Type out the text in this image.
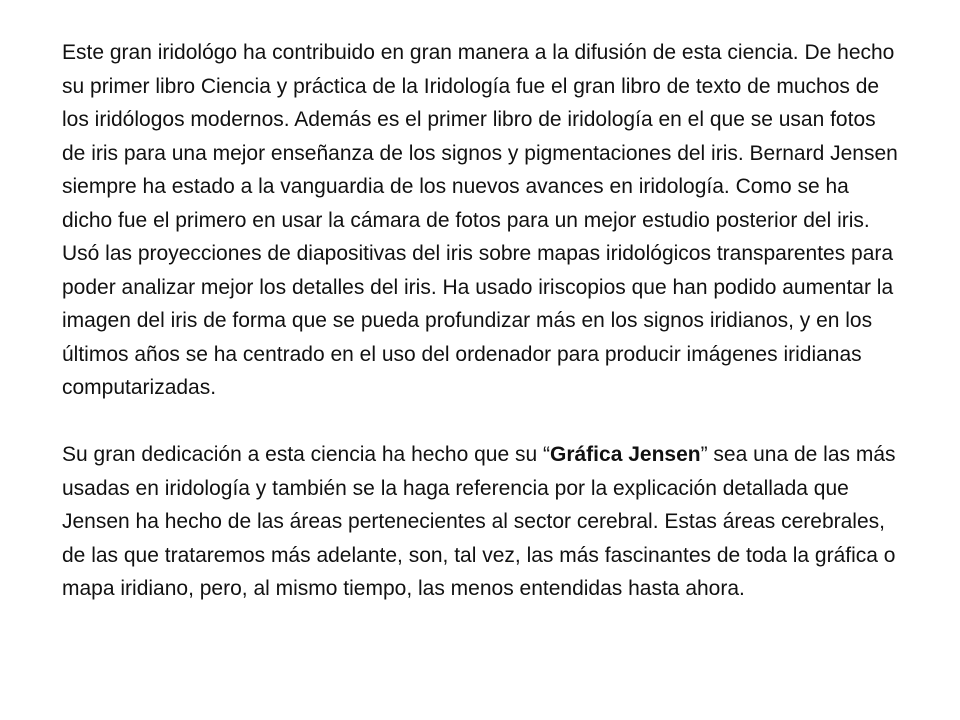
Este gran iridológo ha contribuido en gran manera a la difusión de esta ciencia. De hecho su primer libro Ciencia y práctica de la Iridología fue el gran libro de texto de muchos de los iridólogos modernos. Además es el primer libro de iridología en el que se usan fotos de iris para una mejor enseñanza de los signos y pigmentaciones del iris. Bernard Jensen siempre ha estado a la vanguardia de los nuevos avances en iridología. Como se ha dicho fue el primero en usar la cámara de fotos para un mejor estudio posterior del iris. Usó las proyecciones de diapositivas del iris sobre mapas iridológicos transparentes para poder analizar mejor los detalles del iris. Ha usado iriscopios que han podido aumentar la imagen del iris de forma que se pueda profundizar más en los signos iridianos, y en los últimos años se ha centrado en el uso del ordenador para producir imágenes iridianas computarizadas.

Su gran dedicación a esta ciencia ha hecho que su “Gráfica Jensen” sea una de las más usadas en iridología y también se la haga referencia por la explicación detallada que Jensen ha hecho de las áreas pertenecientes al sector cerebral. Estas áreas cerebrales, de las que trataremos más adelante, son, tal vez, las más fascinantes de toda la gráfica o mapa iridiano, pero, al mismo tiempo, las menos entendidas hasta ahora.
